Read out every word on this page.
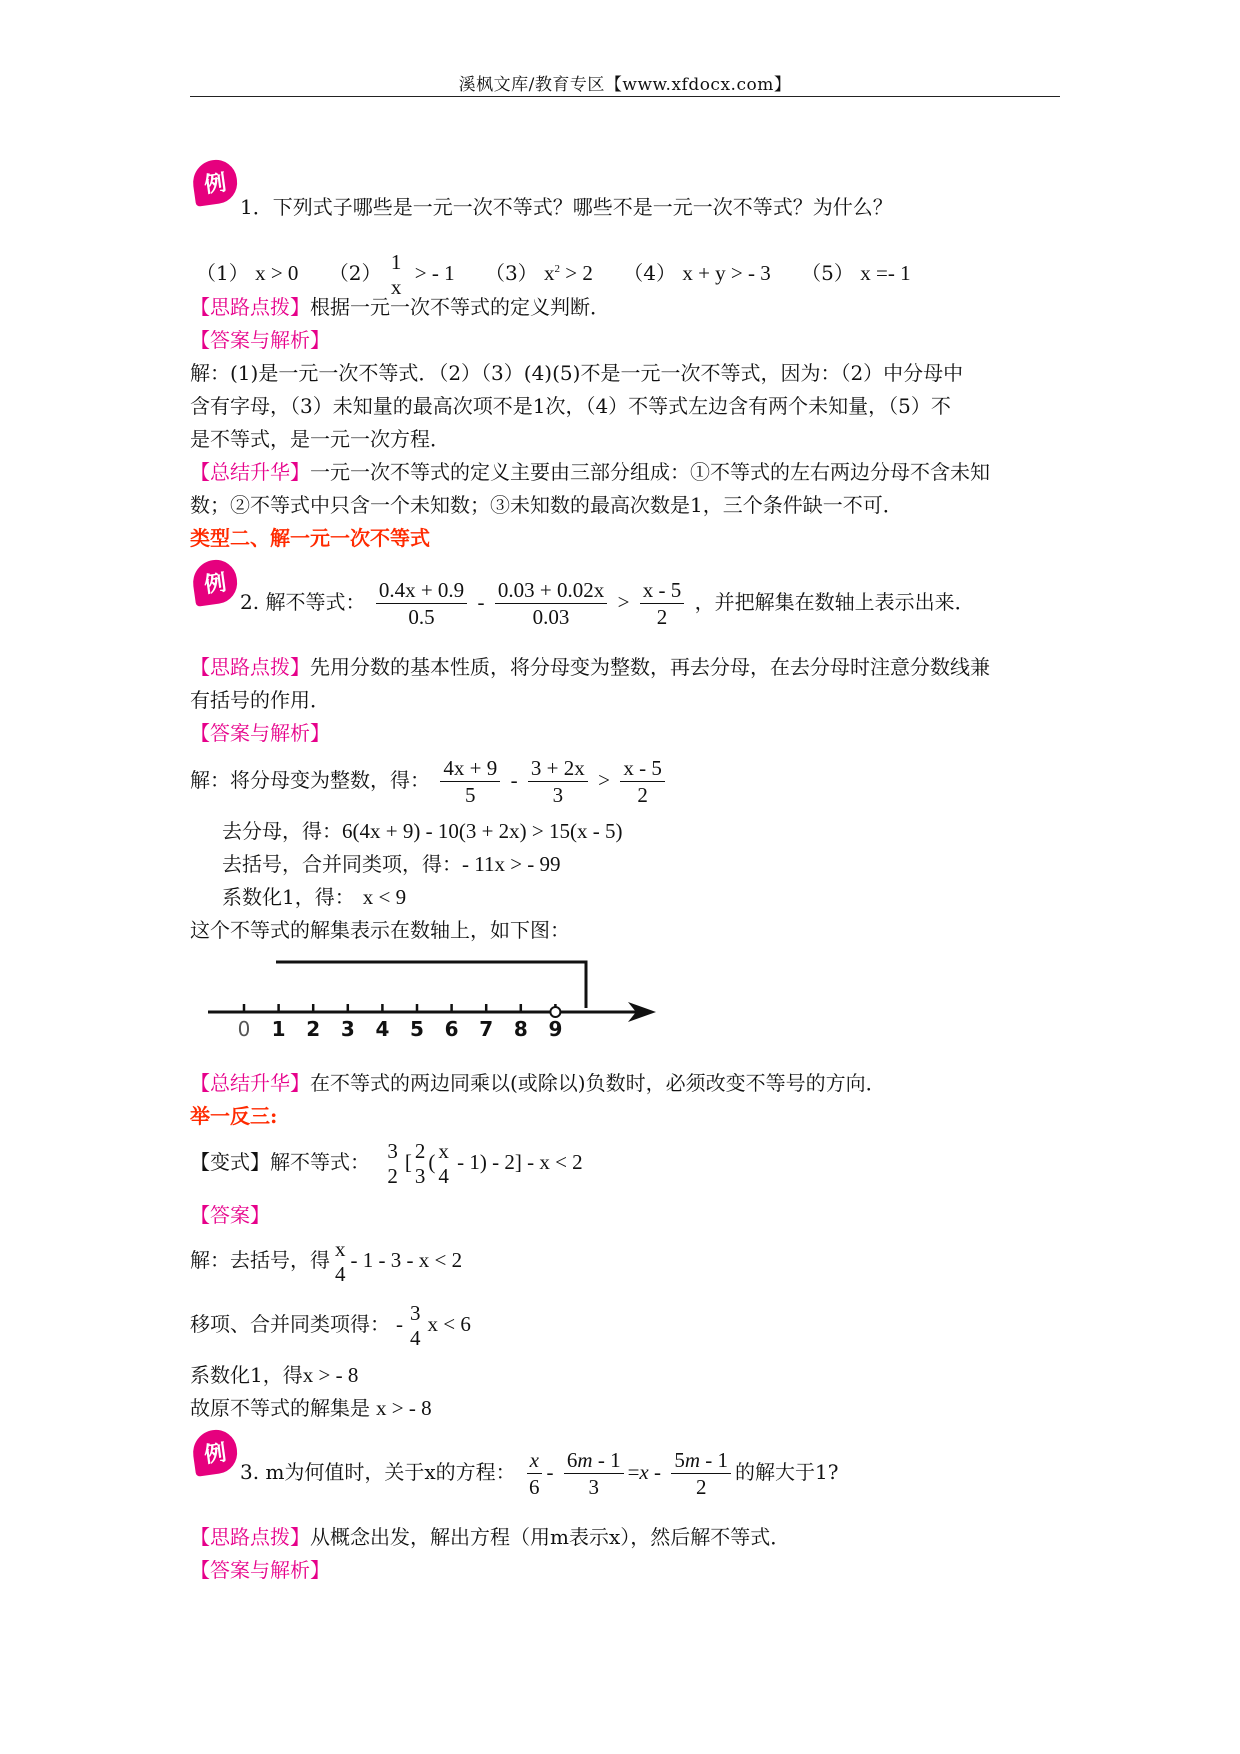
溪枫文库/教育专区【www.xfdocx.com】
例
1．下列式子哪些是一元一次不等式？哪些不是一元一次不等式？为什么？
（1） x > 0 （2） 1
x
> - 1 （3） $x^2 > 2$ （4） x + y > - 3 （5） x =- 1
【思路点拨】根据一元一次不等式的定义判断．
【答案与解析】
解：(1)是一元一次不等式．（2）（3）(4)(5)不是一元一次不等式，因为：（2）中分母中
含有字母，（3）未知量的最高次项不是1次，（4）不等式左边含有两个未知量，（5）不
是不等式，是一元一次方程．
【总结升华】一元一次不等式的定义主要由三部分组成：①不等式的左右两边分母不含未知
数；②不等式中只含一个未知数；③未知数的最高次数是1，三个条件缺一不可．
类型二、解一元一次不等式
例
2. 解不等式： $\frac{0.4x + 0.9}{0.5} - \frac{0.03 + 0.02x}{0.03} > \frac{x - 5}{2}$ ，并把解集在数轴上表示出来．
【思路点拨】先用分数的基本性质，将分母变为整数，再去分母，在去分母时注意分数线兼
有括号的作用．
【答案与解析】
解：将分母变为整数，得： $\frac{4x + 9}{5} - \frac{3 + 2x}{3} > \frac{x - 5}{2}$
去分母，得：6(4x + 9) - 10(3 + 2x) > 15(x - 5)
去括号，合并同类项，得：- 11x > - 99
系数化1，得： x < 9
这个不等式的解集表示在数轴上，如下图：
0 1 2 3 4 5 6 7 8 9
【总结升华】在不等式的两边同乘以(或除以)负数时，必须改变不等号的方向．
举一反三:
【变式】解不等式： 3
2
[ 2
3
( x
4
- 1) - 2] - x < 2
【答案】
解：去括号，得 x
4
- 1 - 3 - x < 2
移项、合并同类项得： - 3
4
x < 6
系数化1，得x > - 8
故原不等式的解集是 x > - 8
例
3. m为何值时，关于x的方程： $\frac{x}{6} - \frac{6m - 1}{3} =x - \frac{5m - 1}{2}$ 的解大于1?
【思路点拨】从概念出发，解出方程（用m表示x），然后解不等式．
【答案与解析】
